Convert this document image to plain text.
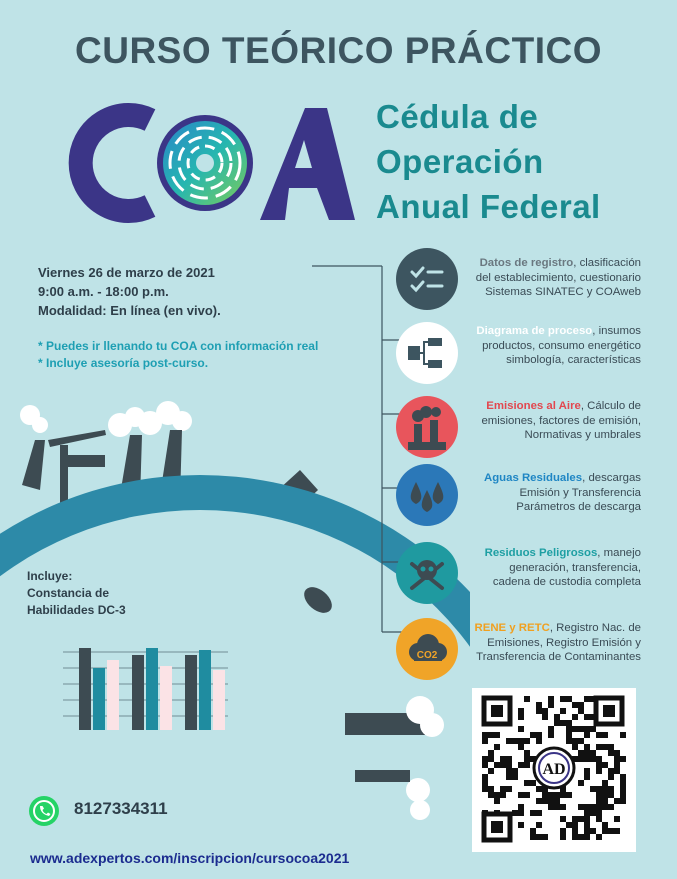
CURSO TEÓRICO PRÁCTICO
Cédula de
Operación
Anual Federal
Viernes 26 de marzo de 2021
9:00 a.m. - 18:00 p.m.
Modalidad: En línea (en vivo).
* Puedes ir llenando tu COA con información real
* Incluye asesoría post-curso.
Incluye:
Constancia de
Habilidades DC-3
CO2
Datos de registro, clasificación
del establecimiento, cuestionario
Sistemas SINATEC y COAweb
Diagrama de proceso, insumos
productos, consumo energético
simbología, características
Emisiones al Aire, Cálculo de
emisiones, factores de emisión,
Normativas y umbrales
Aguas Residuales, descargas
Emisión y Transferencia
Parámetros de descarga
Residuos Peligrosos, manejo
generación, transferencia,
cadena de custodia completa
RENE y RETC, Registro Nac. de
Emisiones, Registro Emisión y
Transferencia de Contaminantes
AD
8127334311
www.adexpertos.com/inscripcion/cursocoa2021
